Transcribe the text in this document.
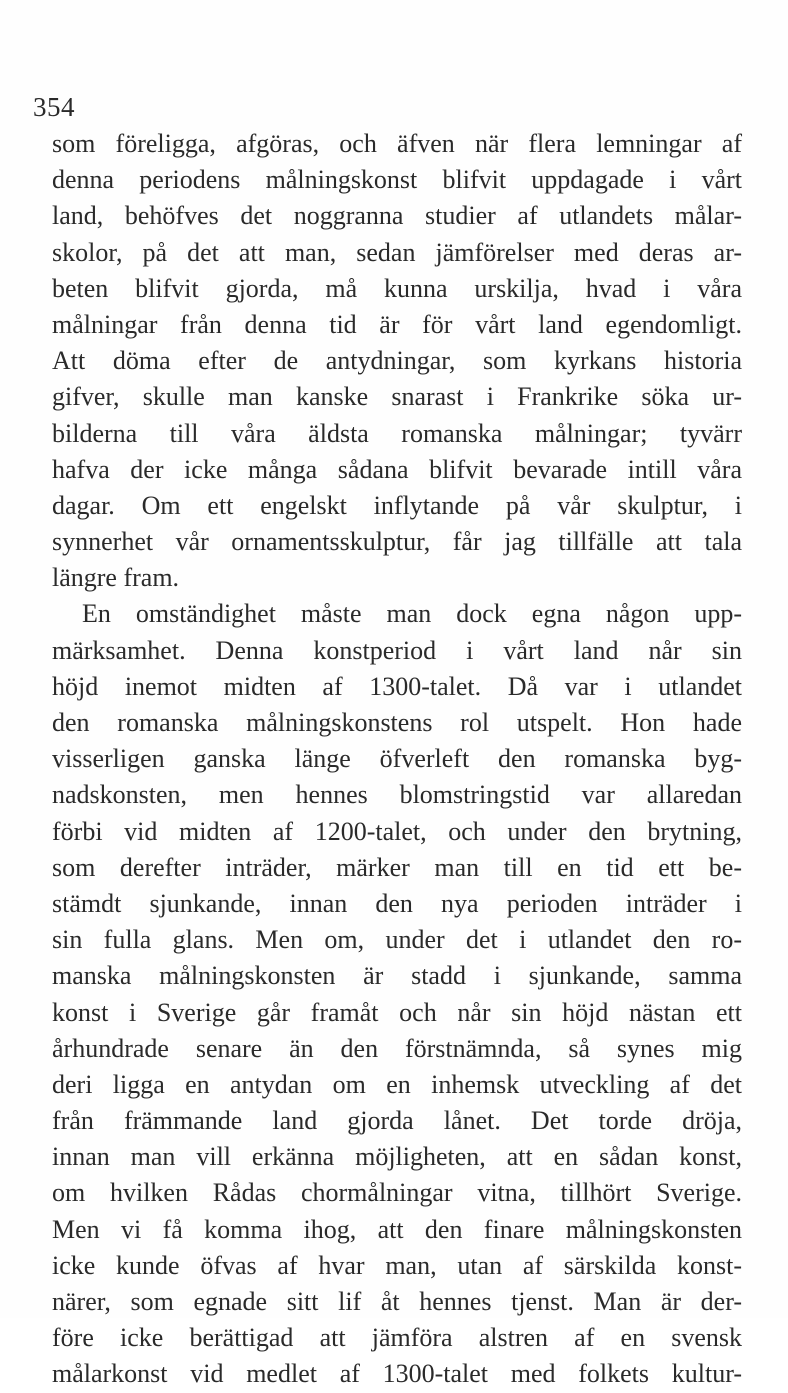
354
som föreligga, afgöras, och äfven när flera lemningar af
denna periodens målningskonst blifvit uppdagade i vårt
land, behöfves det noggranna studier af utlandets målar-
skolor, på det att man, sedan jämförelser med deras ar-
beten blifvit gjorda, må kunna urskilja, hvad i våra
målningar från denna tid är för vårt land egendomligt.
Att döma efter de antydningar, som kyrkans historia
gifver, skulle man kanske snarast i Frankrike söka ur-
bilderna till våra äldsta romanska målningar; tyvärr
hafva der icke många sådana blifvit bevarade intill våra
dagar. Om ett engelskt inflytande på vår skulptur, i
synnerhet vår ornamentsskulptur, får jag tillfälle att tala
längre fram.
En omständighet måste man dock egna någon upp-
märksamhet. Denna konstperiod i vårt land når sin
höjd inemot midten af 1300-talet. Då var i utlandet
den romanska målningskonstens rol utspelt. Hon hade
visserligen ganska länge öfverleft den romanska byg-
nadskonsten, men hennes blomstringstid var allaredan
förbi vid midten af 1200-talet, och under den brytning,
som derefter inträder, märker man till en tid ett be-
stämdt sjunkande, innan den nya perioden inträder i
sin fulla glans. Men om, under det i utlandet den ro-
manska målningskonsten är stadd i sjunkande, samma
konst i Sverige går framåt och når sin höjd nästan ett
århundrade senare än den förstnämnda, så synes mig
deri ligga en antydan om en inhemsk utveckling af det
från främmande land gjorda lånet. Det torde dröja,
innan man vill erkänna möjligheten, att en sådan konst,
om hvilken Rådas chormålningar vitna, tillhört Sverige.
Men vi få komma ihog, att den finare målningskonsten
icke kunde öfvas af hvar man, utan af särskilda konst-
närer, som egnade sitt lif åt hennes tjenst. Man är der-
före icke berättigad att jämföra alstren af en svensk
målarkonst vid medlet af 1300-talet med folkets kultur-
